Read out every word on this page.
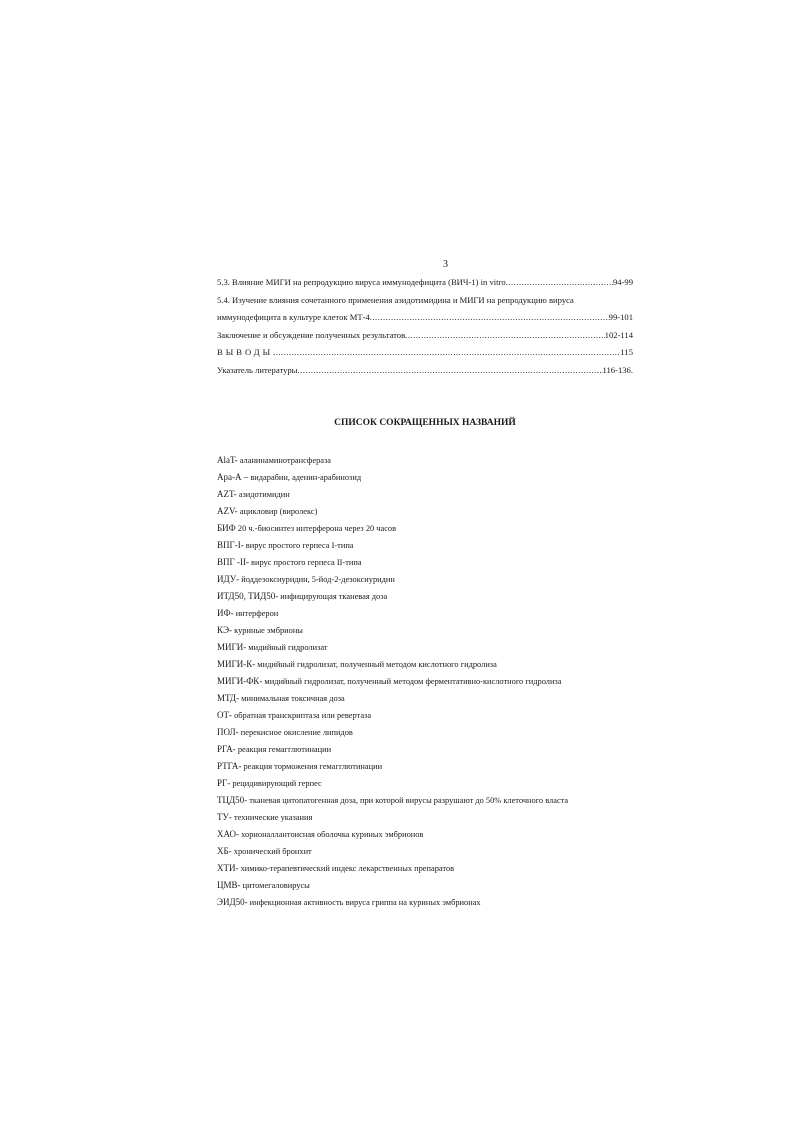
3
5.3. Влияние МИГИ на репродукцию вируса иммунодефицита (ВИЧ-1) in vitro .....	94-99
5.4. Изучение влияния сочетанного применения азидотимидина и МИГИ на репродукцию вируса
иммунодефицита в культуре клеток МТ-4 .....	99-101
Заключение и обсуждение полученных результатов .....	102-114
ВЫВОДЫ .....	115
Указатель литературы .....	116-136.
СПИСОК СОКРАЩЕННЫХ НАЗВАНИЙ
AlaT- аланинаминотрансфераза
Ара-А – видарабин, аденин-арабинозид
AZT- азидотимидин
AZV- ацикловир (виролекс)
БИФ 20 ч.-биосинтез интерферона через 20 часов
ВПГ-I- вирус простого герпеса I-типа
ВПГ -II- вирус простого герпеса II-типа
ИДУ- йоддезоксиуридин, 5-йод-2-дезоксиуридин
ИТД50, ТИД50- инфицирующая тканевая доза
ИФ- интерферон
КЭ- куриные эмбрионы
МИГИ- мидийный гидролизат
МИГИ-К- мидийный гидролизат, полученный методом кислотного гидролиза
МИГИ-ФК- мидийный гидролизат, полученный методом ферментативно-кислотного гидролиза
МТД- минимальная токсичная доза
ОТ- обратная транскриптаза или ревертаза
ПОЛ- перекисное окисление липидов
РГА- реакция гемагглютинации
РТГА- реакция торможения гемагглютинации
РГ- рецидивирующий герпес
ТЦД50- тканевая цитопатогенная доза, при которой вирусы разрушают до 50% клеточного власта
ТУ- технические указания
ХАО- хорионаллантоисная оболочка куриных эмбрионов
ХБ- хронический бронхит
ХТИ- химико-терапевтический индекс лекарственных препаратов
ЦМВ- цитомегаловирусы
ЭИД50- инфекционная активность вируса гриппа на куриных эмбрионах
